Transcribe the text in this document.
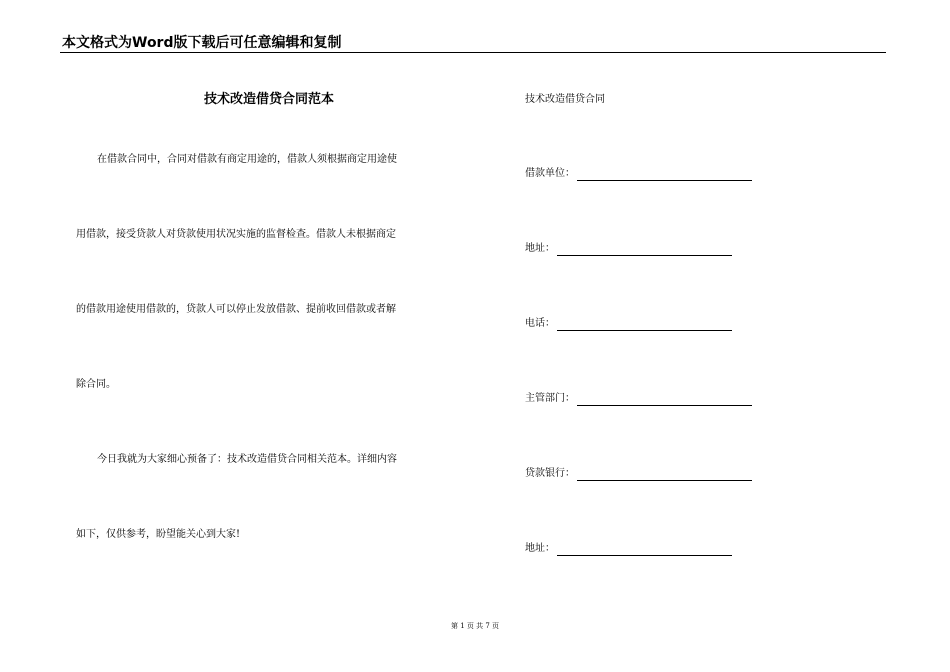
本文格式为Word版下载后可任意编辑和复制
技术改造借贷合同范本
在借款合同中，合同对借款有商定用途的，借款人须根据商定用途使
用借款，接受贷款人对贷款使用状况实施的监督检查。借款人未根据商定
的借款用途使用借款的，贷款人可以停止发放借款、提前收回借款或者解
除合同。
今日我就为大家细心预备了：技术改造借贷合同相关范本。详细内容
如下，仅供参考，盼望能关心到大家!
技术改造借贷合同
借款单位：
地址：
电话：
主管部门：
贷款银行：
地址：
第 1 页 共 7 页
